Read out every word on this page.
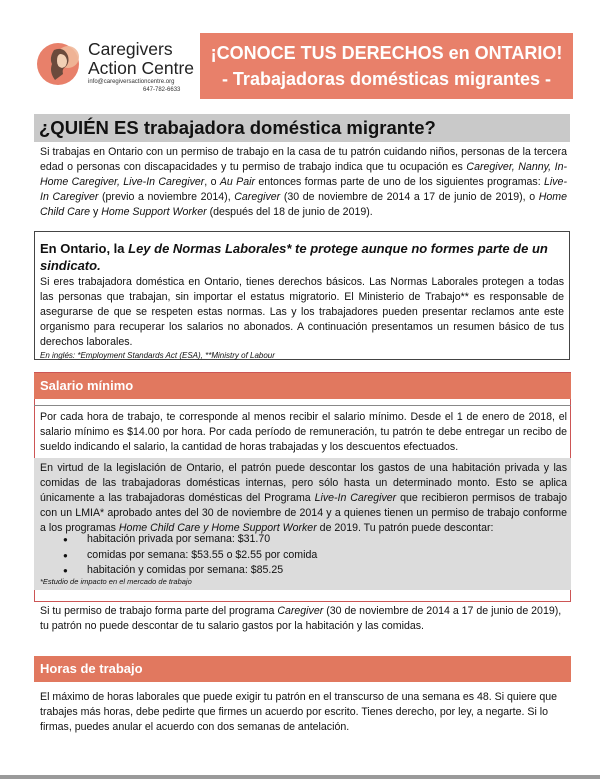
Caregivers
Action Centre
info@caregiversactioncentre.org
647-782-6633
¡CONOCE TUS DERECHOS en ONTARIO!
- Trabajadoras domésticas migrantes -
¿QUIÉN ES trabajadora doméstica migrante?
Si trabajas en Ontario con un permiso de trabajo en la casa de tu patrón cuidando niños, personas de la tercera edad o personas con discapacidades y tu permiso de trabajo indica que tu ocupación es Caregiver, Nanny, In-Home Caregiver, Live-In Caregiver, o Au Pair entonces formas parte de uno de los siguientes programas: Live-In Caregiver (previo a noviembre 2014), Caregiver (30 de noviembre de 2014 a 17 de junio de 2019), o Home Child Care y Home Support Worker (después del 18 de junio de 2019).
En Ontario, la Ley de Normas Laborales* te protege aunque no formes parte de un sindicato.
Si eres trabajadora doméstica en Ontario, tienes derechos básicos. Las Normas Laborales protegen a todas las personas que trabajan, sin importar el estatus migratorio. El Ministerio de Trabajo** es responsable de asegurarse de que se respeten estas normas. Las y los trabajadores pueden presentar reclamos ante este organismo para recuperar los salarios no abonados. A continuación presentamos un resumen básico de tus derechos laborales.
En inglés: *Employment Standards Act (ESA), **Ministry of Labour
Salario mínimo
Por cada hora de trabajo, te corresponde al menos recibir el salario mínimo. Desde el 1 de enero de 2018, el salario mínimo es $14.00 por hora. Por cada período de remuneración, tu patrón te debe entregar un recibo de sueldo indicando el salario, la cantidad de horas trabajadas y los descuentos efectuados.
En virtud de la legislación de Ontario, el patrón puede descontar los gastos de una habitación privada y las comidas de las trabajadoras domésticas internas, pero sólo hasta un determinado monto. Esto se aplica únicamente a las trabajadoras domésticas del Programa Live-In Caregiver que recibieron permisos de trabajo con un LMIA* aprobado antes del 30 de noviembre de 2014 y a quienes tienen un permiso de trabajo conforme a los programas Home Child Care y Home Support Worker de 2019. Tu patrón puede descontar:
● habitación privada por semana: $31.70
● comidas por semana: $53.55 o $2.55 por comida
● habitación y comidas por semana: $85.25
*Estudio de impacto en el mercado de trabajo
Si tu permiso de trabajo forma parte del programa Caregiver (30 de noviembre de 2014 a 17 de junio de 2019), tu patrón no puede descontar de tu salario gastos por la habitación y las comidas.
Horas de trabajo
El máximo de horas laborales que puede exigir tu patrón en el transcurso de una semana es 48. Si quiere que trabajes más horas, debe pedirte que firmes un acuerdo por escrito. Tienes derecho, por ley, a negarte. Si lo firmas, puedes anular el acuerdo con dos semanas de antelación.
